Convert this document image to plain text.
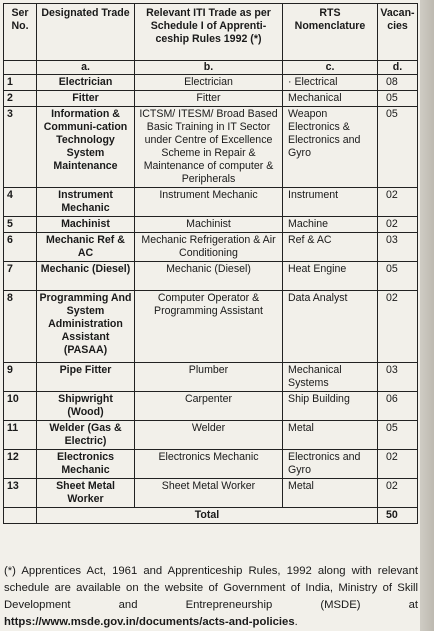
Ser No.	Designated Trade	Relevant ITI Trade as per Schedule I of Apprenti-ceship Rules 1992 (*)	RTS Nomenclature	Vacan-cies
	a.	b.	c.	d.
1	Electrician	Electrician	· Electrical	08
2	Fitter	Fitter	Mechanical	05
3	Information & Communi-cation Technology System Maintenance	ICTSM/ ITESM/ Broad Based Basic Training in IT Sector under Centre of Excellence Scheme in Repair & Maintenance of computer & Peripherals	Weapon Electronics & Electronics and Gyro	05
4	Instrument Mechanic	Instrument Mechanic	Instrument	02
5	Machinist	Machinist	Machine	02
6	Mechanic Ref & AC	Mechanic Refrigeration & Air Conditioning	Ref & AC	03
7	Mechanic (Diesel)	Mechanic (Diesel)	Heat Engine	05
8	Programming And System Administration Assistant (PASAA)	Computer Operator & Programming Assistant	Data Analyst	02
9	Pipe Fitter	Plumber	Mechanical Systems	03
10	Shipwright (Wood)	Carpenter	Ship Building	06
11	Welder (Gas & Electric)	Welder	Metal	05
12	Electronics Mechanic	Electronics Mechanic	Electronics and Gyro	02
13	Sheet Metal Worker	Sheet Metal Worker	Metal	02
	Total			50
(*) Apprentices Act, 1961 and Apprenticeship Rules, 1992 along with relevant schedule are available on the website of Government of India, Ministry of Skill Development and Entrepreneurship (MSDE) at https://www.msde.gov.in/documents/acts-and-policies.
